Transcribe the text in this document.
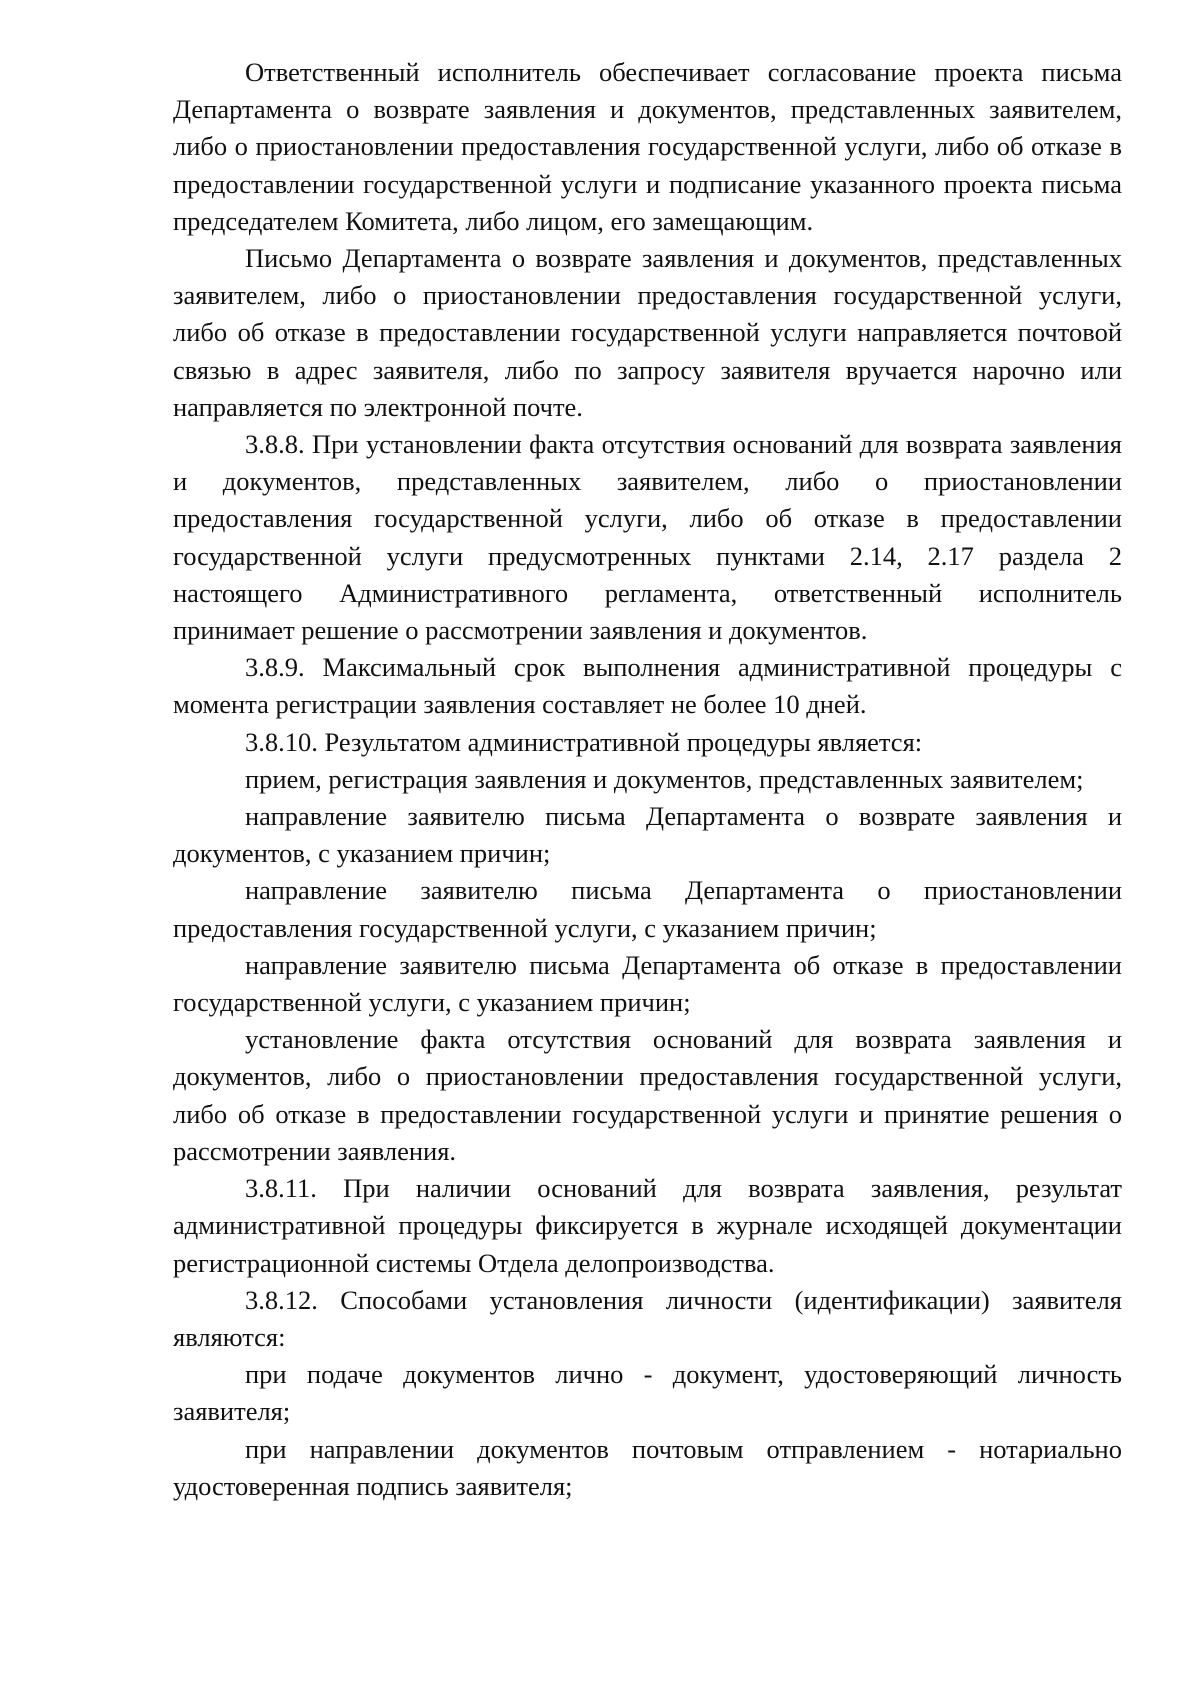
Ответственный исполнитель обеспечивает согласование проекта письма Департамента о возврате заявления и документов, представленных заявителем, либо о приостановлении предоставления государственной услуги, либо об отказе в предоставлении государственной услуги и подписание указанного проекта письма председателем Комитета, либо лицом, его замещающим.

Письмо Департамента о возврате заявления и документов, представленных заявителем, либо о приостановлении предоставления государственной услуги, либо об отказе в предоставлении государственной услуги направляется почтовой связью в адрес заявителя, либо по запросу заявителя вручается нарочно или направляется по электронной почте.

3.8.8. При установлении факта отсутствия оснований для возврата заявления и документов, представленных заявителем, либо о приостановлении предоставления государственной услуги, либо об отказе в предоставлении государственной услуги предусмотренных пунктами 2.14, 2.17 раздела 2 настоящего Административного регламента, ответственный исполнитель принимает решение о рассмотрении заявления и документов.

3.8.9. Максимальный срок выполнения административной процедуры с момента регистрации заявления составляет не более 10 дней.

3.8.10. Результатом административной процедуры является:

прием, регистрация заявления и документов, представленных заявителем;

направление заявителю письма Департамента о возврате заявления и документов, с указанием причин;

направление заявителю письма Департамента о приостановлении предоставления государственной услуги, с указанием причин;

направление заявителю письма Департамента об отказе в предоставлении государственной услуги, с указанием причин;

установление факта отсутствия оснований для возврата заявления и документов, либо о приостановлении предоставления государственной услуги, либо об отказе в предоставлении государственной услуги и принятие решения о рассмотрении заявления.

3.8.11. При наличии оснований для возврата заявления, результат административной процедуры фиксируется в журнале исходящей документации регистрационной системы Отдела делопроизводства.

3.8.12. Способами установления личности (идентификации) заявителя являются:

при подаче документов лично - документ, удостоверяющий личность заявителя;

при направлении документов почтовым отправлением - нотариально удостоверенная подпись заявителя;
